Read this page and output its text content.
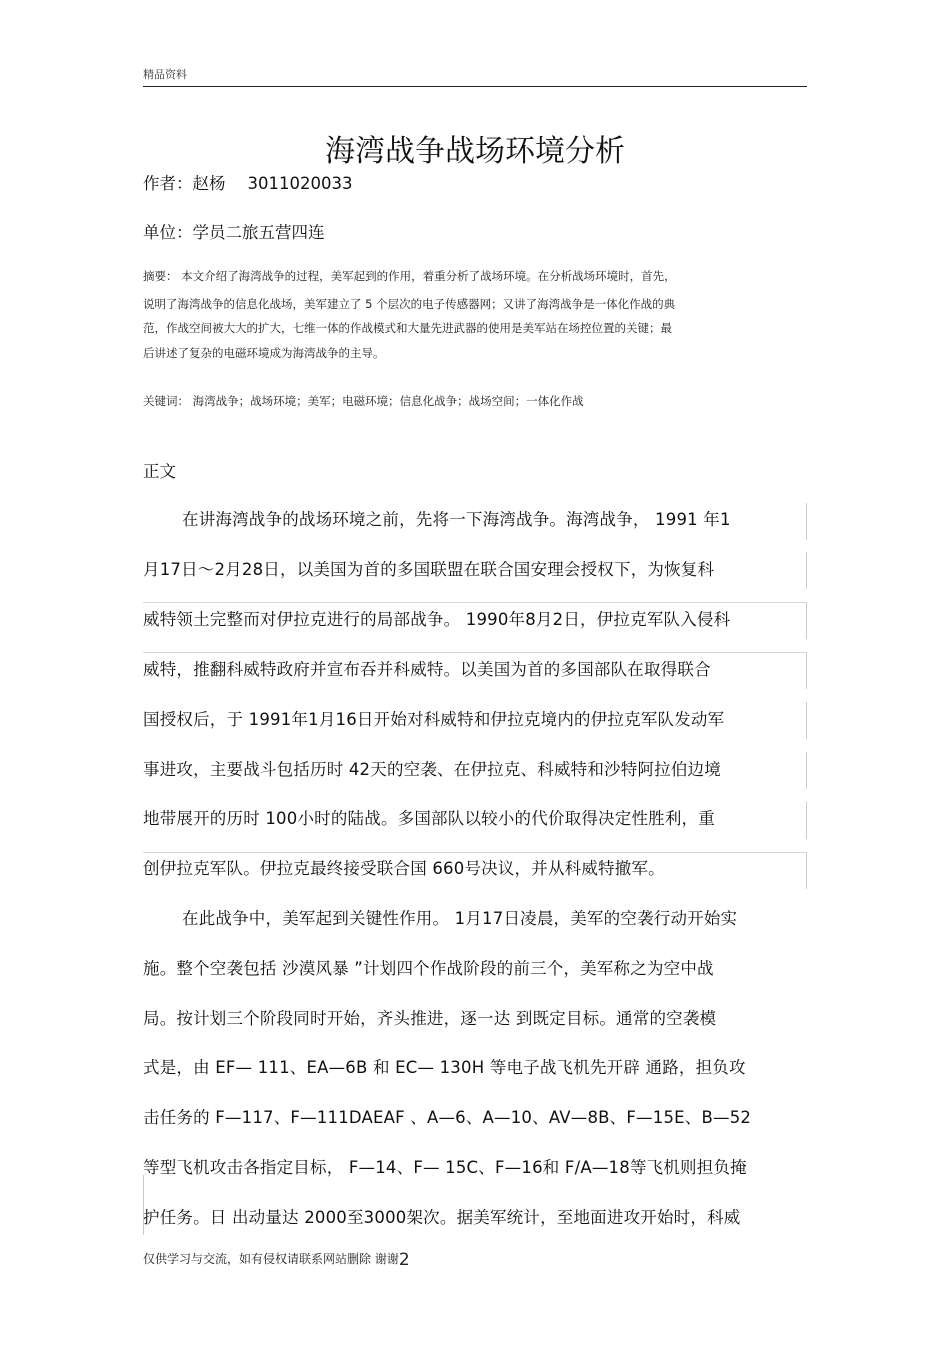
精品资料
海湾战争战场环境分析
作者：赵杨 3011020033
单位：学员二旅五营四连
摘要： 本文介绍了海湾战争的过程，美军起到的作用，着重分析了战场环境。在分析战场环境时，首先，
说明了海湾战争的信息化战场，美军建立了 5 个层次的电子传感器网；又讲了海湾战争是一体化作战的典
范，作战空间被大大的扩大，七维一体的作战模式和大量先进武器的使用是美军站在场控位置的关键；最
后讲述了复杂的电磁环境成为海湾战争的主导。
关键词： 海湾战争；战场环境；美军；电磁环境；信息化战争；战场空间；一体化作战
正文
在讲海湾战争的战场环境之前，先将一下海湾战争。海湾战争， 1991 年1
月17日～2月28日，以美国为首的多国联盟在联合国安理会授权下，为恢复科
威特领土完整而对伊拉克进行的局部战争。 1990年8月2日，伊拉克军队入侵科
威特，推翻科威特政府并宣布吞并科威特。以美国为首的多国部队在取得联合
国授权后，于 1991年1月16日开始对科威特和伊拉克境内的伊拉克军队发动军
事进攻，主要战斗包括历时 42天的空袭、在伊拉克、科威特和沙特阿拉伯边境
地带展开的历时 100小时的陆战。多国部队以较小的代价取得决定性胜利，重
创伊拉克军队。伊拉克最终接受联合国 660号决议，并从科威特撤军。
在此战争中，美军起到关键性作用。 1月17日凌晨，美军的空袭行动开始实
施。整个空袭包括 沙漠风暴 ”计划四个作战阶段的前三个，美军称之为空中战
局。按计划三个阶段同时开始，齐头推进，逐一达 到既定目标。通常的空袭模
式是，由 EF— 111、EA—6B 和 EC— 130H 等电子战飞机先开辟 通路，担负攻
击任务的 F—117、F—111DAEAF 、A—6、A—10、AV—8B、F—15E、B—52
等型飞机攻击各指定目标， F—14、F— 15C、F—16和 F/A—18等飞机则担负掩
护任务。日 出动量达 2000至3000架次。据美军统计，至地面进攻开始时，科威
仅供学习与交流，如有侵权请联系网站删除 谢谢2
